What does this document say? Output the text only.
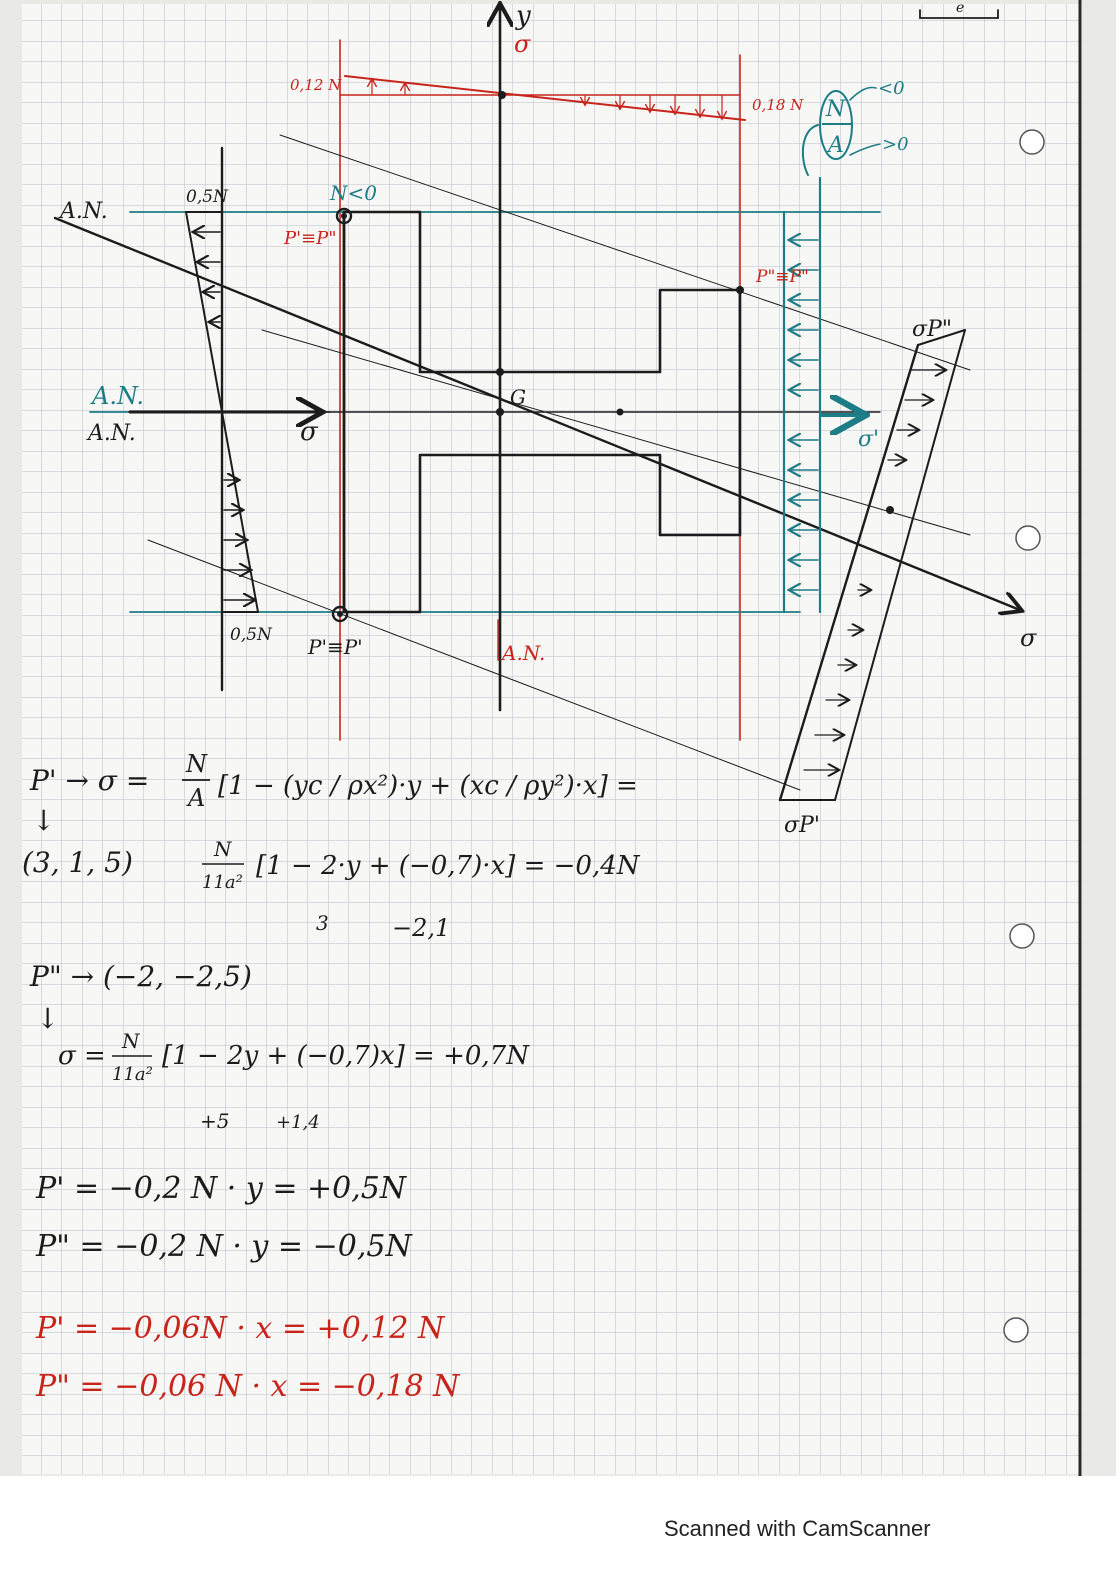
y
σ
σ
G
A.N.
A.N.
A.N.
A.N.
N<0
P'≡P"
P'≡P'
P"≡P"
0,5N
0,5N
0,12 N
0,18 N N
A
<0
>0
σP"
σP'
σ'
σ
e
P' → σ = N
A [1 − (yc / ρx²)·y + (xc / ρy²)·x] =
↓
(3, 1, 5)	N
11a²
[1 − 2·y + (−0,7)·x] = −0,4N
3	−2,1
P" → (−2, −2,5)
↓
σ = N
11a²
[1 − 2y + (−0,7)x] = +0,7N
+5	+1,4
P' = −0,2 N · y = +0,5N
P" = −0,2 N · y = −0,5N
P' = −0,06N · x = +0,12 N
P" = −0,06 N · x = −0,18 N
Scanned with CamScanner
